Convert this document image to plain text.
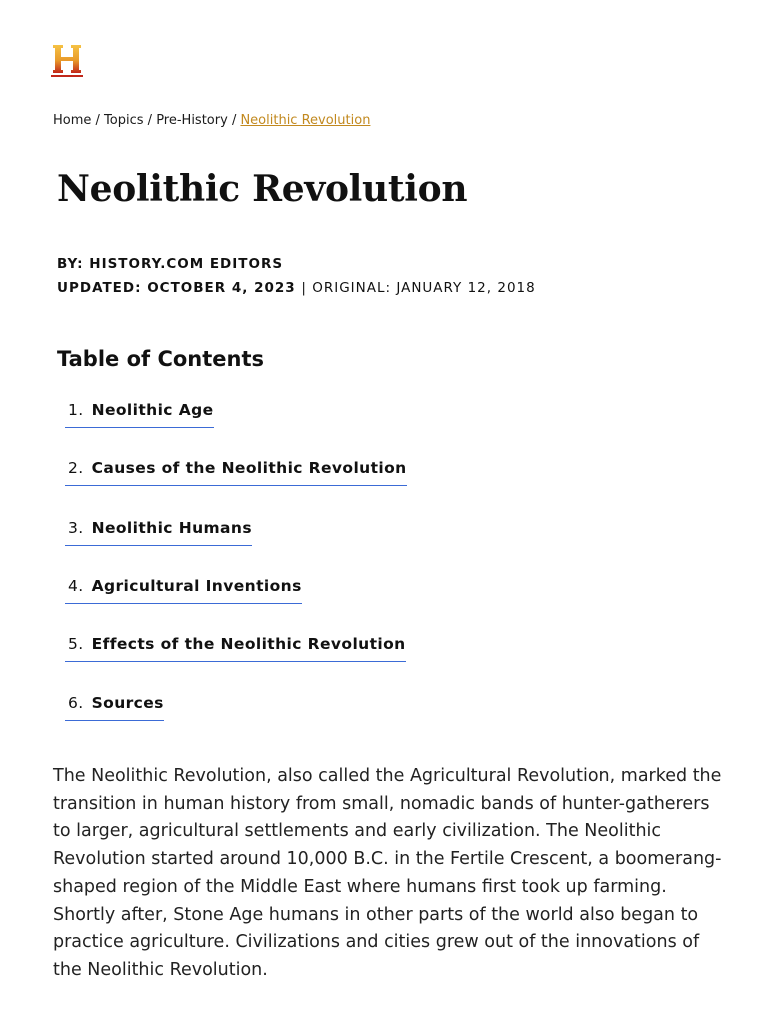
Home / Topics / Pre-History / Neolithic Revolution
Neolithic Revolution
BY: HISTORY.COM EDITORS
UPDATED: OCTOBER 4, 2023 | ORIGINAL: JANUARY 12, 2018
Table of Contents
1. Neolithic Age
2. Causes of the Neolithic Revolution
3. Neolithic Humans
4. Agricultural Inventions
5. Effects of the Neolithic Revolution
6. Sources

The Neolithic Revolution, also called the Agricultural Revolution, marked the transition in human history from small, nomadic bands of hunter-gatherers to larger, agricultural settlements and early civilization. The Neolithic Revolution started around 10,000 B.C. in the Fertile Crescent, a boomerang-shaped region of the Middle East where humans first took up farming. Shortly after, Stone Age humans in other parts of the world also began to practice agriculture. Civilizations and cities grew out of the innovations of the Neolithic Revolution.
